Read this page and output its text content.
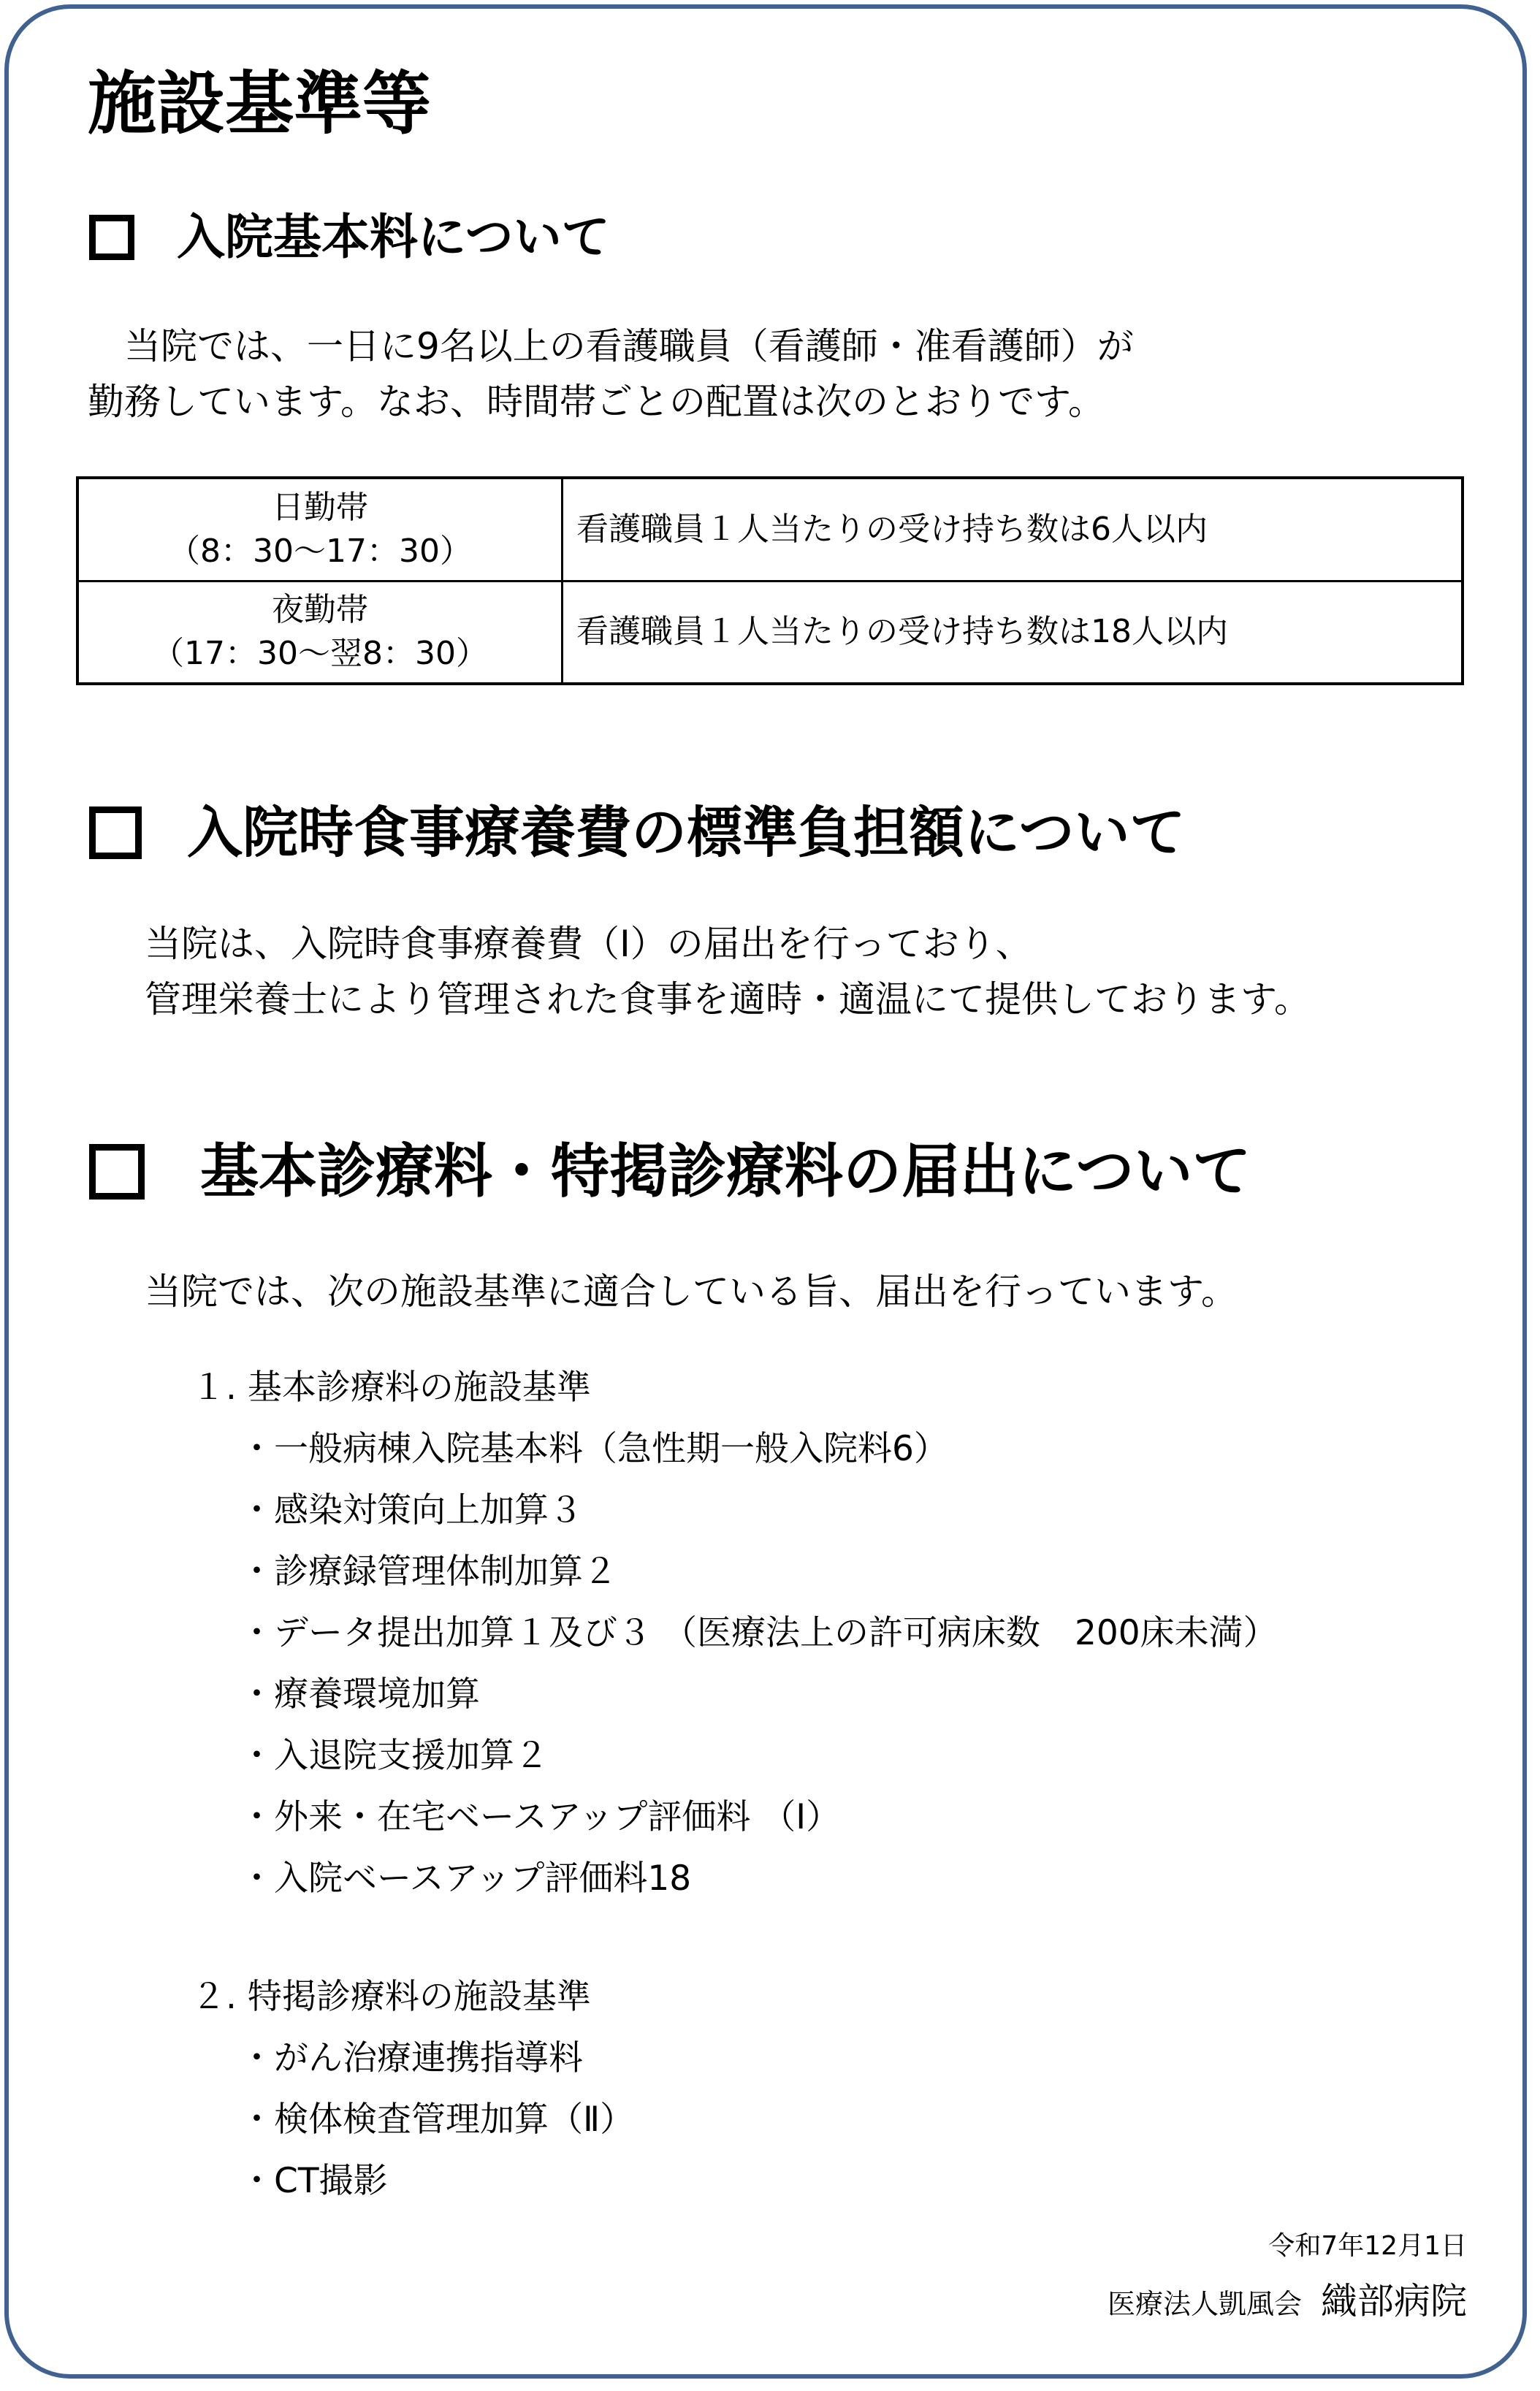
施設基準等
入院基本料について
　当院では、一日に9名以上の看護職員（看護師・准看護師）が
勤務しています。なお、時間帯ごとの配置は次のとおりです。
日勤帯
（8：30～17：30）	看護職員１人当たりの受け持ち数は6人以内

夜勤帯
（17：30～翌8：30）	看護職員１人当たりの受け持ち数は18人以内
入院時食事療養費の標準負担額について
当院は、入院時食事療養費（Ⅰ）の届出を行っており、
管理栄養士により管理された食事を適時・適温にて提供しております。
基本診療料・特掲診療料の届出について
当院では、次の施設基準に適合している旨、届出を行っています。
１. 基本診療料の施設基準
・一般病棟入院基本料（急性期一般入院料6）
・感染対策向上加算３
・診療録管理体制加算２
・データ提出加算１及び３ （医療法上の許可病床数　200床未満）
・療養環境加算
・入退院支援加算２
・外来・在宅ベースアップ評価料 （Ⅰ）
・入院ベースアップ評価料18
２. 特掲診療料の施設基準
・がん治療連携指導料
・検体検査管理加算（Ⅱ）
・CT撮影
令和7年12月1日
医療法人凱風会 織部病院
